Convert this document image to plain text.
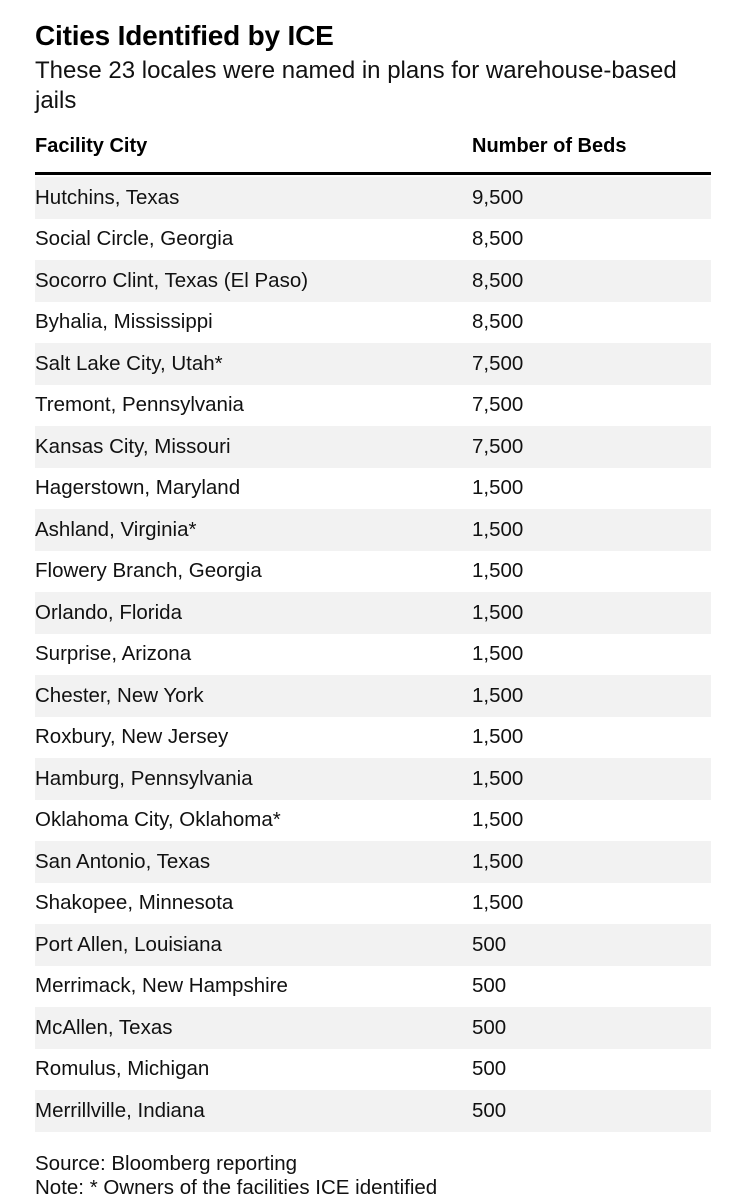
Cities Identified by ICE

These 23 locales were named in plans for warehouse-based jails

Facility City	Number of Beds
Hutchins, Texas	9,500
Social Circle, Georgia	8,500
Socorro Clint, Texas (El Paso)	8,500
Byhalia, Mississippi	8,500
Salt Lake City, Utah*	7,500
Tremont, Pennsylvania	7,500
Kansas City, Missouri	7,500
Hagerstown, Maryland	1,500
Ashland, Virginia*	1,500
Flowery Branch, Georgia	1,500
Orlando, Florida	1,500
Surprise, Arizona	1,500
Chester, New York	1,500
Roxbury, New Jersey	1,500
Hamburg, Pennsylvania	1,500
Oklahoma City, Oklahoma*	1,500
San Antonio, Texas	1,500
Shakopee, Minnesota	1,500
Port Allen, Louisiana	500
Merrimack, New Hampshire	500
McAllen, Texas	500
Romulus, Michigan	500
Merrillville, Indiana	500

Source: Bloomberg reporting

Note: * Owners of the facilities ICE identified
